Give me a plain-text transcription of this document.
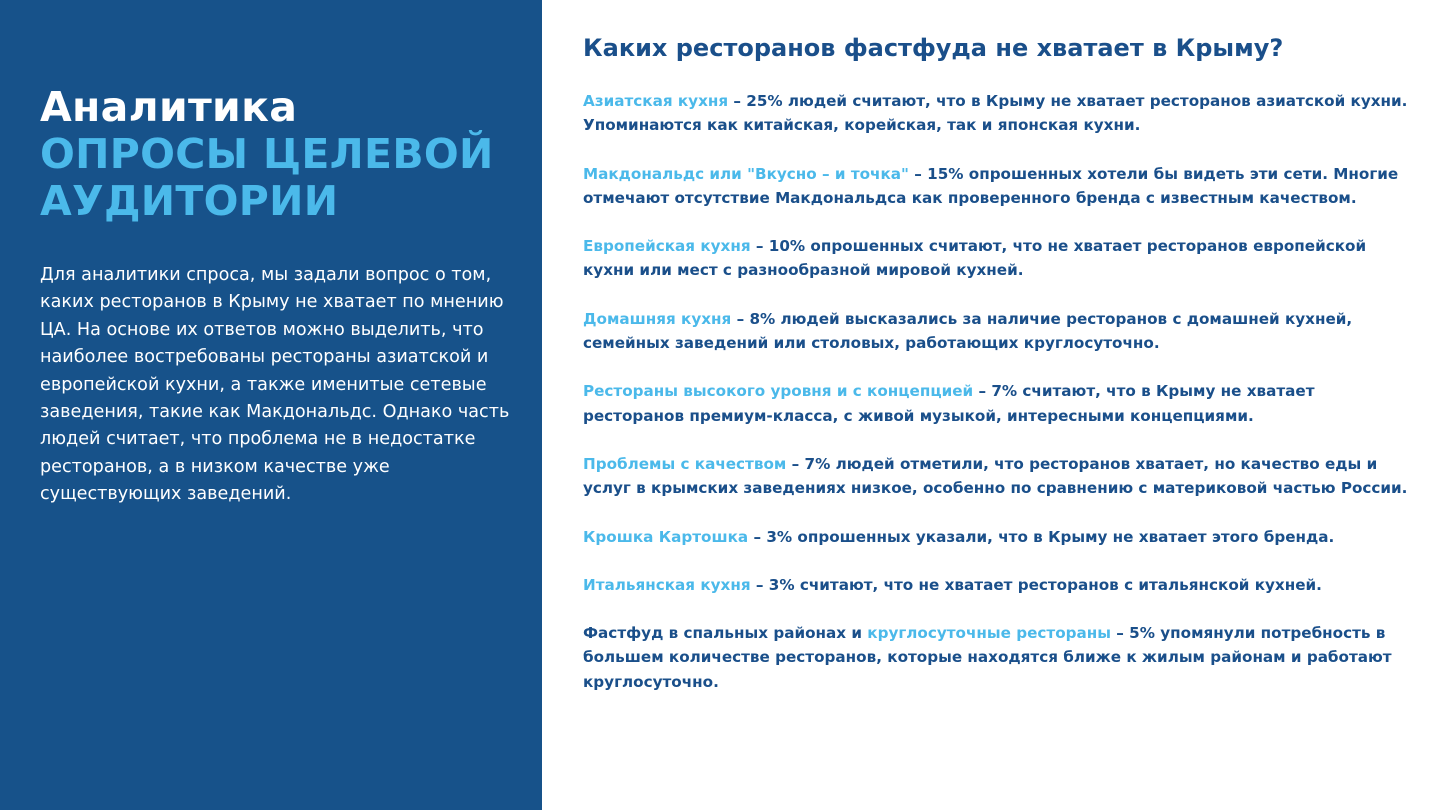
Аналитика
ОПРОСЫ ЦЕЛЕВОЙ
АУДИТОРИИ

Для аналитики спроса, мы задали вопрос о том, каких ресторанов в Крыму не хватает по мнению ЦА. На основе их ответов можно выделить, что наиболее востребованы рестораны азиатской и европейской кухни, а также именитые сетевые заведения, такие как Макдональдс. Однако часть людей считает, что проблема не в недостатке ресторанов, а в низком качестве уже существующих заведений.

Каких ресторанов фастфуда не хватает в Крыму?

Азиатская кухня – 25% людей считают, что в Крыму не хватает ресторанов азиатской кухни. Упоминаются как китайская, корейская, так и японская кухни.

Макдональдс или "Вкусно – и точка" – 15% опрошенных хотели бы видеть эти сети. Многие отмечают отсутствие Макдональдса как проверенного бренда с известным качеством.

Европейская кухня – 10% опрошенных считают, что не хватает ресторанов европейской кухни или мест с разнообразной мировой кухней.

Домашняя кухня – 8% людей высказались за наличие ресторанов с домашней кухней, семейных заведений или столовых, работающих круглосуточно.

Рестораны высокого уровня и с концепцией – 7% считают, что в Крыму не хватает ресторанов премиум-класса, с живой музыкой, интересными концепциями.

Проблемы с качеством – 7% людей отметили, что ресторанов хватает, но качество еды и услуг в крымских заведениях низкое, особенно по сравнению с материковой частью России.

Крошка Картошка – 3% опрошенных указали, что в Крыму не хватает этого бренда.

Итальянская кухня – 3% считают, что не хватает ресторанов с итальянской кухней.

Фастфуд в спальных районах и круглосуточные рестораны – 5% упомянули потребность в большем количестве ресторанов, которые находятся ближе к жилым районам и работают круглосуточно.
